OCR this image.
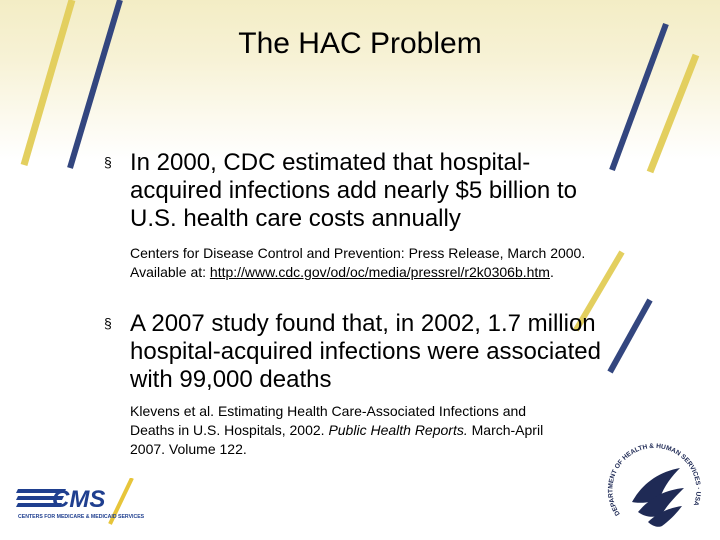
The HAC Problem
§ In 2000, CDC estimated that hospital-
acquired infections add nearly $5 billion to
U.S. health care costs annually
Centers for Disease Control and Prevention: Press Release, March 2000.
Available at: http://www.cdc.gov/od/oc/media/pressrel/r2k0306b.htm.
§ A 2007 study found that, in 2002, 1.7 million
hospital-acquired infections were associated
with 99,000 deaths
Klevens et al. Estimating Health Care-Associated Infections and
Deaths in U.S. Hospitals, 2002. Public Health Reports. March-April
2007. Volume 122.
CMS
CENTERS FOR MEDICARE & MEDICAID SERVICES
DEPARTMENT OF HEALTH & HUMAN SERVICES · USA
